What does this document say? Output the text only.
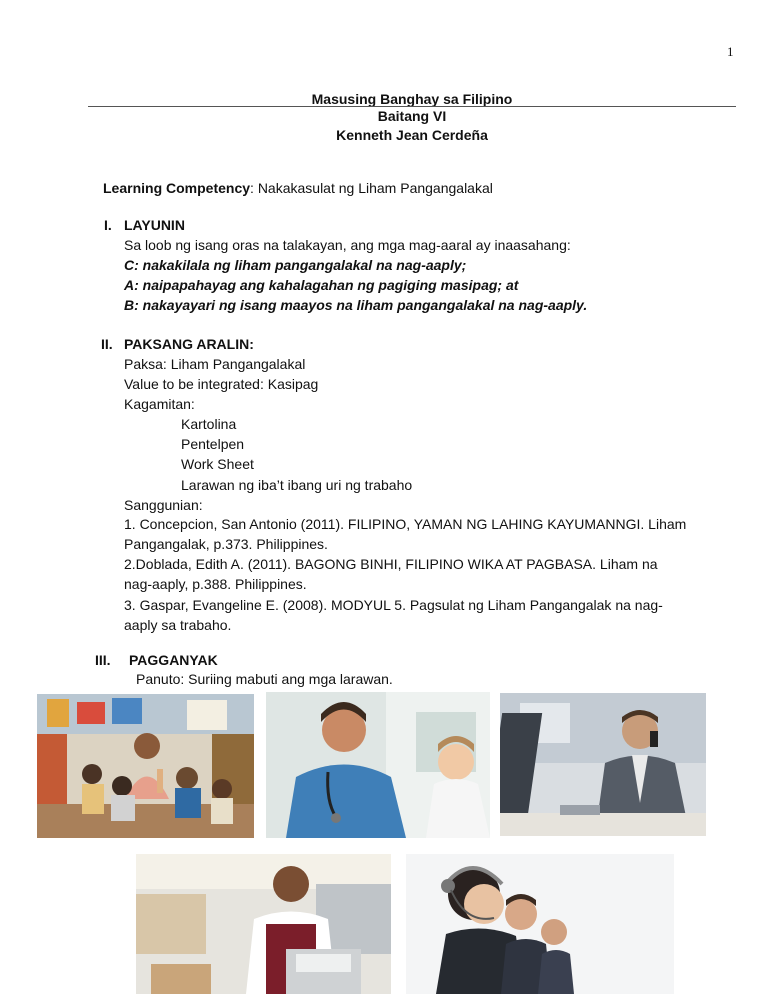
1
Masusing Banghay sa Filipino
Baitang VI
Kenneth Jean Cerdeña
Learning Competency: Nakakasulat ng Liham Pangangalakal
I. LAYUNIN
Sa loob ng isang oras na talakayan, ang mga mag-aaral ay inaasahang:
C: nakakilala ng liham pangangalakal na nag-aaply;
A: naipapahayag ang kahalagahan ng pagiging masipag; at
B: nakayayari ng isang maayos na liham pangangalakal na nag-aaply.
II. PAKSANG ARALIN:
Paksa: Liham Pangangalakal
Value to be integrated: Kasipag
Kagamitan:
Kartolina
Pentelpen
Work Sheet
Larawan ng iba’t ibang uri ng trabaho
Sanggunian:
1. Concepcion, San Antonio (2011). FILIPINO, YAMAN NG LAHING KAYUMANNGI. Liham
Pangangalak, p.373. Philippines.
2.Doblada, Edith A. (2011). BAGONG BINHI, FILIPINO WIKA AT PAGBASA. Liham na
nag-aaply, p.388. Philippines.
3. Gaspar, Evangeline E. (2008). MODYUL 5. Pagsulat ng Liham Pangangalak na nag-
aaply sa trabaho.
III. PAGGANYAK
Panuto: Suriing mabuti ang mga larawan.
